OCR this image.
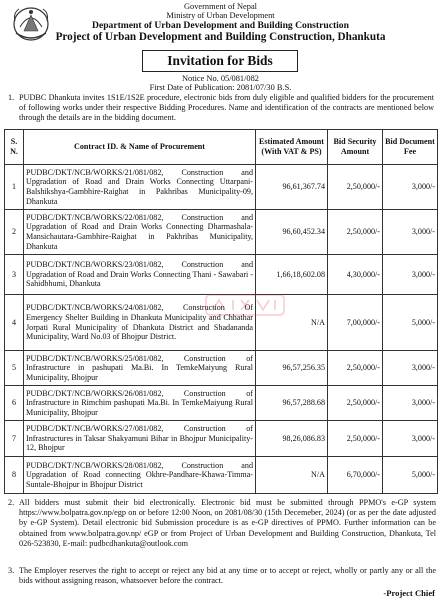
Government of Nepal
Ministry of Urban Development
Department of Urban Development and Building Construction
Project of Urban Development and Building Construction, Dhankuta
Invitation for Bids
Notice No. 05/081/082
First Date of Publication: 2081/07/30 B.S.
1. PUDBC Dhankuta invites 1S1E/1S2E procedure, electronic bids from duly eligible and qualified bidders for the procurement of following works under their respective Bidding Procedures. Name and identification of the contracts are mentioned below through the details are in the bidding document.
S. N.	Contract ID. & Name of Procurement	Estimated Amount (With VAT & PS)	Bid Security Amount	Bid Document Fee
1	PUDBC/DKT/NCB/WORKS/21/081/082, Construction and Upgradation of Road and Drain Works Connecting Uttarpani-Balshikshya-Gambhire-Raighat in Pakhribas Municipality-09, Dhankuta	96,61,367.74	2,50,000/-	3,000/-
2	PUDBC/DKT/NCB/WORKS/22/081/082, Construction and Upgradation of Road and Drain Works Connecting Dharmashala-Mansichautara-Gambhire-Raighat in Pakhribas Municipality, Dhankuta	96,60,452.34	2,50,000/-	3,000/-
3	PUDBC/DKT/NCB/WORKS/23/081/082, Construction and Upgradation of Road and Drain Works Connecting Thani - Sawabari - Sahidbhumi, Dhankuta	1,66,18,602.08	4,30,000/-	3,000/-
4	PUDBC/DKT/NCB/WORKS/24/081/082, Construction Of Emergency Shelter Building in Dhankuta Municipality and Chhathar Jorpati Rural Municipality of Dhankuta District and Shadananda Municipality, Ward No.03 of Bhojpur District.	N/A	7,00,000/-	5,000/-
5	PUDBC/DKT/NCB/WORKS/25/081/082, Construction of Infrastructure in pashupati Ma.Bi. In TemkeMaiyung Rural Municipality, Bhojpur	96,57,256.35	2,50,000/-	3,000/-
6	PUDBC/DKT/NCB/WORKS/26/081/082, Construction of Infrastructure in Rimchim pashupati Ma.Bi. In TemkeMaiyung Rural Municipality, Bhojpur	96,57,288.68	2,50,000/-	3,000/-
7	PUDBC/DKT/NCB/WORKS/27/081/082, Construction of Infrastructures in Taksar Shakyamuni Bihar in Bhojpur Municipality-12, Bhojpur	98,26,086.83	2,50,000/-	3,000/-
8	PUDBC/DKT/NCB/WORKS/28/081/082, Construction and Upgradation of Road connecting Okhre-Pandhare-Khawa-Timma-Suntale-Bhojpur in Bhojpur District	N/A	6,70,000/-	5,000/-
2. All bidders must submit their bid electronically. Electronic bid must be submitted through PPMO's e-GP system https://www.bolpatra.gov.np/egp on or before 12:00 Noon, on 2081/08/30 (15th Decemeber, 2024) (or as per the date adjusted by e-GP System). Detail electronic bid Submission procedure is as e-GP directives of PPMO. Further information can be obtained from www.bolpatra.gov.np/ eGP or from Project of Urban Development and Building Construction, Dhankuta, Tel 026-523830, E-mail: pudbcdhankuta@outlook.com
3. The Employer reserves the right to accept or reject any bid at any time or to accept or reject, wholly or partly any or all the bids without assigning reason, whatsoever before the contract.
-Project Chief
